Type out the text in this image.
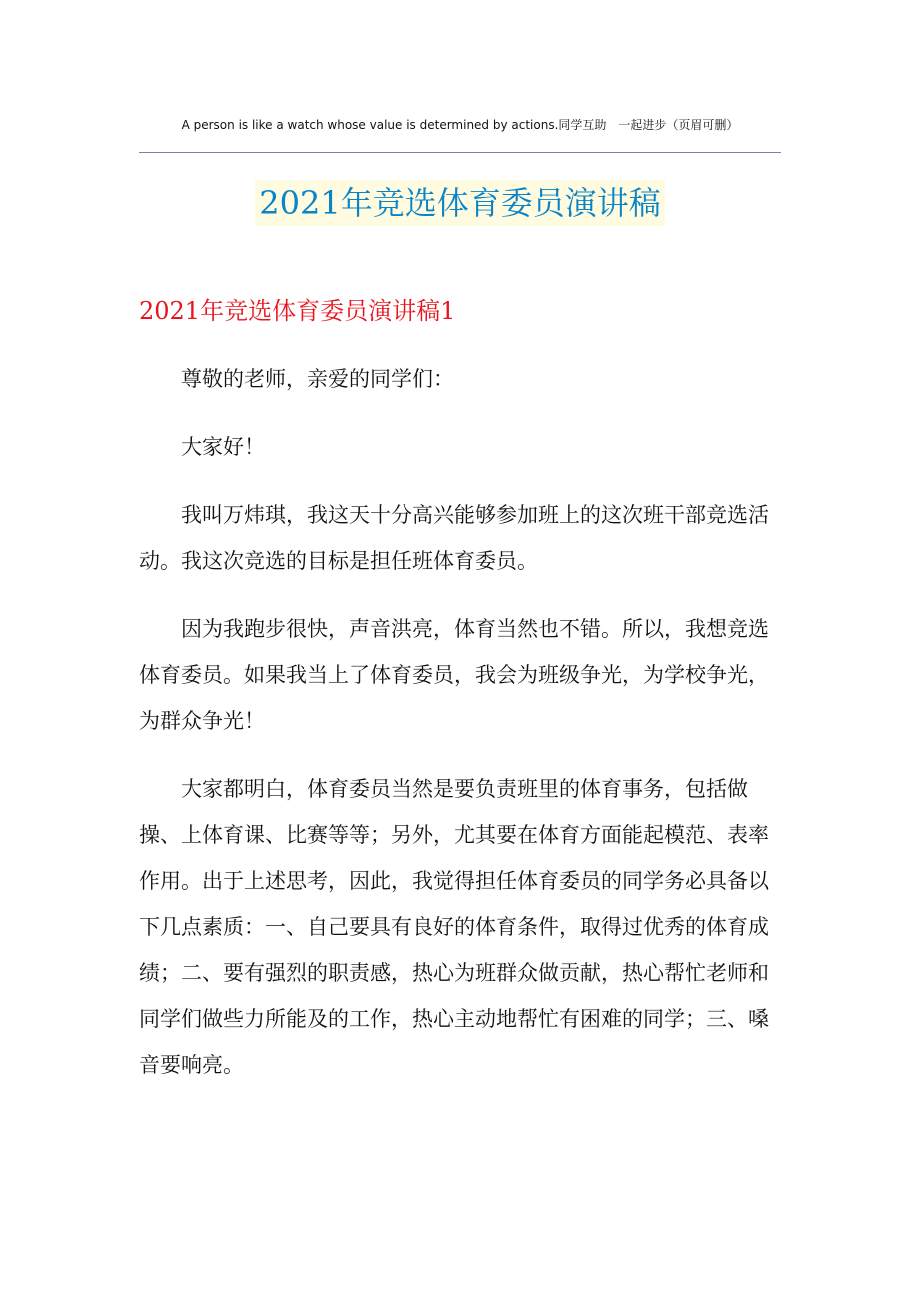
A person is like a watch whose value is determined by actions.同学互助　一起进步（页眉可删）
2021年竞选体育委员演讲稿
2021年竞选体育委员演讲稿1

尊敬的老师，亲爱的同学们：

大家好！

我叫万炜琪，我这天十分高兴能够参加班上的这次班干部竞选活动。我这次竞选的目标是担任班体育委员。

因为我跑步很快，声音洪亮，体育当然也不错。所以，我想竞选体育委员。如果我当上了体育委员，我会为班级争光，为学校争光，为群众争光！

大家都明白，体育委员当然是要负责班里的体育事务，包括做操、上体育课、比赛等等；另外，尤其要在体育方面能起模范、表率作用。出于上述思考，因此，我觉得担任体育委员的同学务必具备以下几点素质：一、自己要具有良好的体育条件，取得过优秀的体育成绩；二、要有强烈的职责感，热心为班群众做贡献，热心帮忙老师和同学们做些力所能及的工作，热心主动地帮忙有困难的同学；三、嗓音要响亮。
